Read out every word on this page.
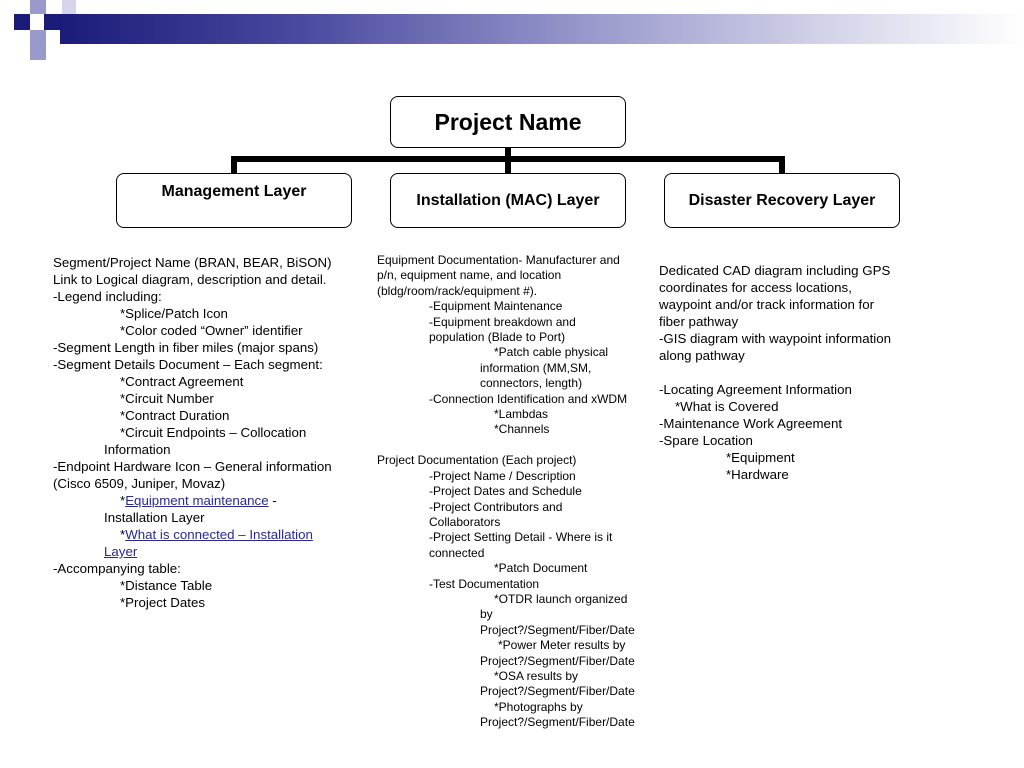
Project Name
Management Layer	Installation (MAC) Layer	Disaster Recovery Layer
Segment/Project Name (BRAN, BEAR, BiSON)
Link to Logical diagram, description and detail.
-Legend including:
*Splice/Patch Icon
*Color coded “Owner” identifier
-Segment Length in fiber miles (major spans)
-Segment Details Document – Each segment:
*Contract Agreement
*Circuit Number
*Contract Duration
*Circuit Endpoints – Collocation
Information
-Endpoint Hardware Icon – General information
(Cisco 6509, Juniper, Movaz)
*Equipment maintenance -
Installation Layer
*What is connected – Installation
Layer
-Accompanying table:
*Distance Table
*Project Dates
Equipment Documentation- Manufacturer and
p/n, equipment name, and location
(bldg/room/rack/equipment #).
-Equipment Maintenance
-Equipment breakdown and
population (Blade to Port)
*Patch cable physical
information (MM,SM,
connectors, length)
-Connection Identification and xWDM
*Lambdas
*Channels

Project Documentation (Each project)
-Project Name / Description
-Project Dates and Schedule
-Project Contributors and
Collaborators
-Project Setting Detail - Where is it
connected
*Patch Document
-Test Documentation
*OTDR launch organized
by
Project?/Segment/Fiber/Date
*Power Meter results by
Project?/Segment/Fiber/Date
*OSA results by
Project?/Segment/Fiber/Date
*Photographs by
Project?/Segment/Fiber/Date
Dedicated CAD diagram including GPS
coordinates for access locations,
waypoint and/or track information for
fiber pathway
-GIS diagram with waypoint information
along pathway

-Locating Agreement Information
*What is Covered
-Maintenance Work Agreement
-Spare Location
*Equipment
*Hardware
